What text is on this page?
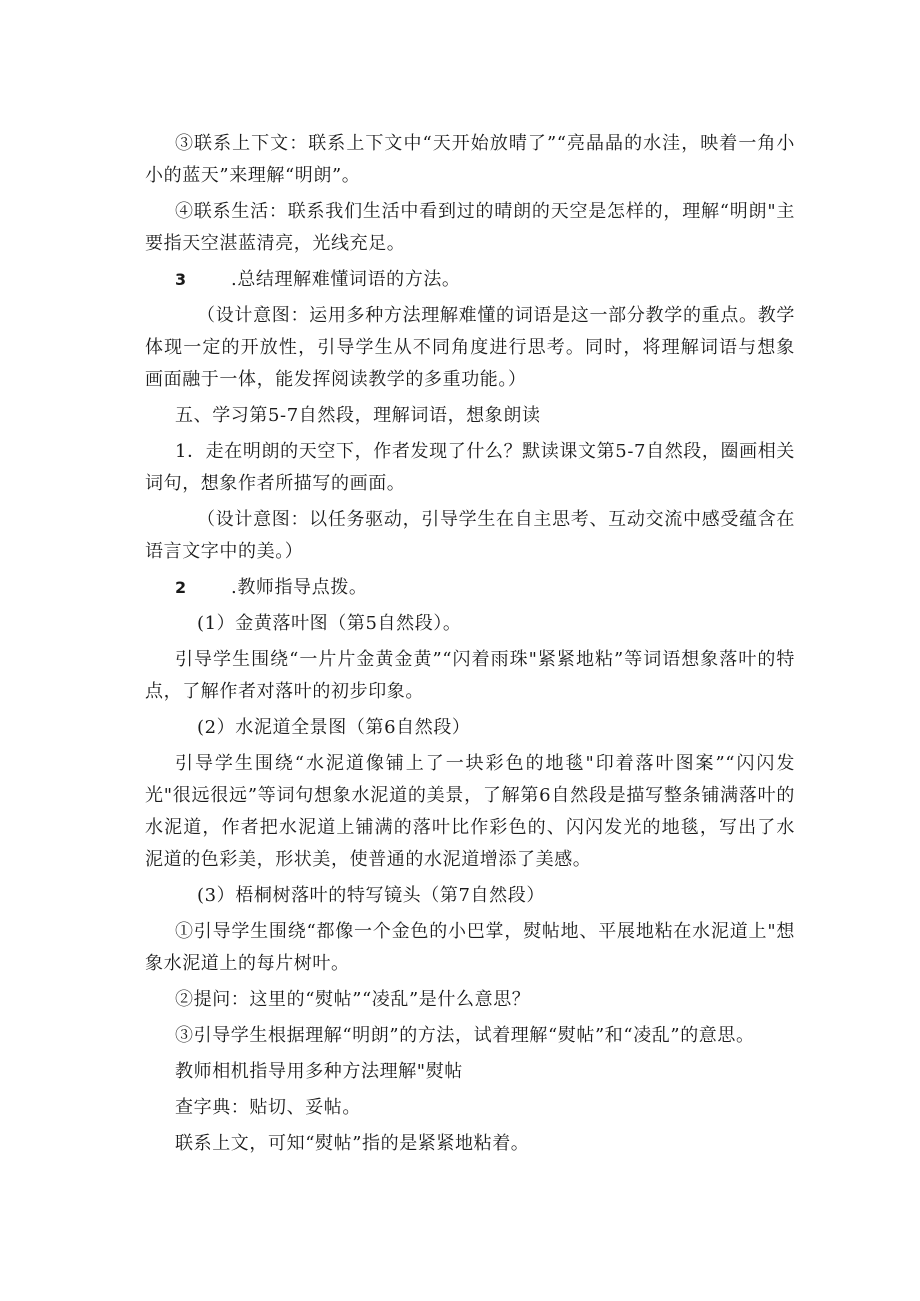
③联系上下文：联系上下文中“天开始放晴了”“亮晶晶的水洼，映着一角小小的蓝天”来理解“明朗”。

④联系生活：联系我们生活中看到过的晴朗的天空是怎样的，理解“明朗"主要指天空湛蓝清亮，光线充足。

3 .总结理解难懂词语的方法。

（设计意图：运用多种方法理解难懂的词语是这一部分教学的重点。教学体现一定的开放性，引导学生从不同角度进行思考。同时，将理解词语与想象画面融于一体，能发挥阅读教学的多重功能。）

五、学习第5-7自然段，理解词语，想象朗读

1．走在明朗的天空下，作者发现了什么？默读课文第5-7自然段，圈画相关词句，想象作者所描写的画面。

（设计意图：以任务驱动，引导学生在自主思考、互动交流中感受蕴含在语言文字中的美。）

2 .教师指导点拨。

(1）金黄落叶图（第5自然段）。

引导学生围绕“一片片金黄金黄”“闪着雨珠"紧紧地粘”等词语想象落叶的特点，了解作者对落叶的初步印象。

(2）水泥道全景图（第6自然段）

引导学生围绕“水泥道像铺上了一块彩色的地毯"印着落叶图案”“闪闪发光"很远很远”等词句想象水泥道的美景，了解第6自然段是描写整条铺满落叶的水泥道，作者把水泥道上铺满的落叶比作彩色的、闪闪发光的地毯，写出了水泥道的色彩美，形状美，使普通的水泥道增添了美感。

(3）梧桐树落叶的特写镜头（第7自然段）

①引导学生围绕“都像一个金色的小巴掌，熨帖地、平展地粘在水泥道上"想象水泥道上的每片树叶。

②提问：这里的“熨帖”“凌乱”是什么意思？

③引导学生根据理解“明朗”的方法，试着理解“熨帖”和“凌乱”的意思。

教师相机指导用多种方法理解"熨帖

查字典：贴切、妥帖。

联系上文，可知“熨帖”指的是紧紧地粘着。
